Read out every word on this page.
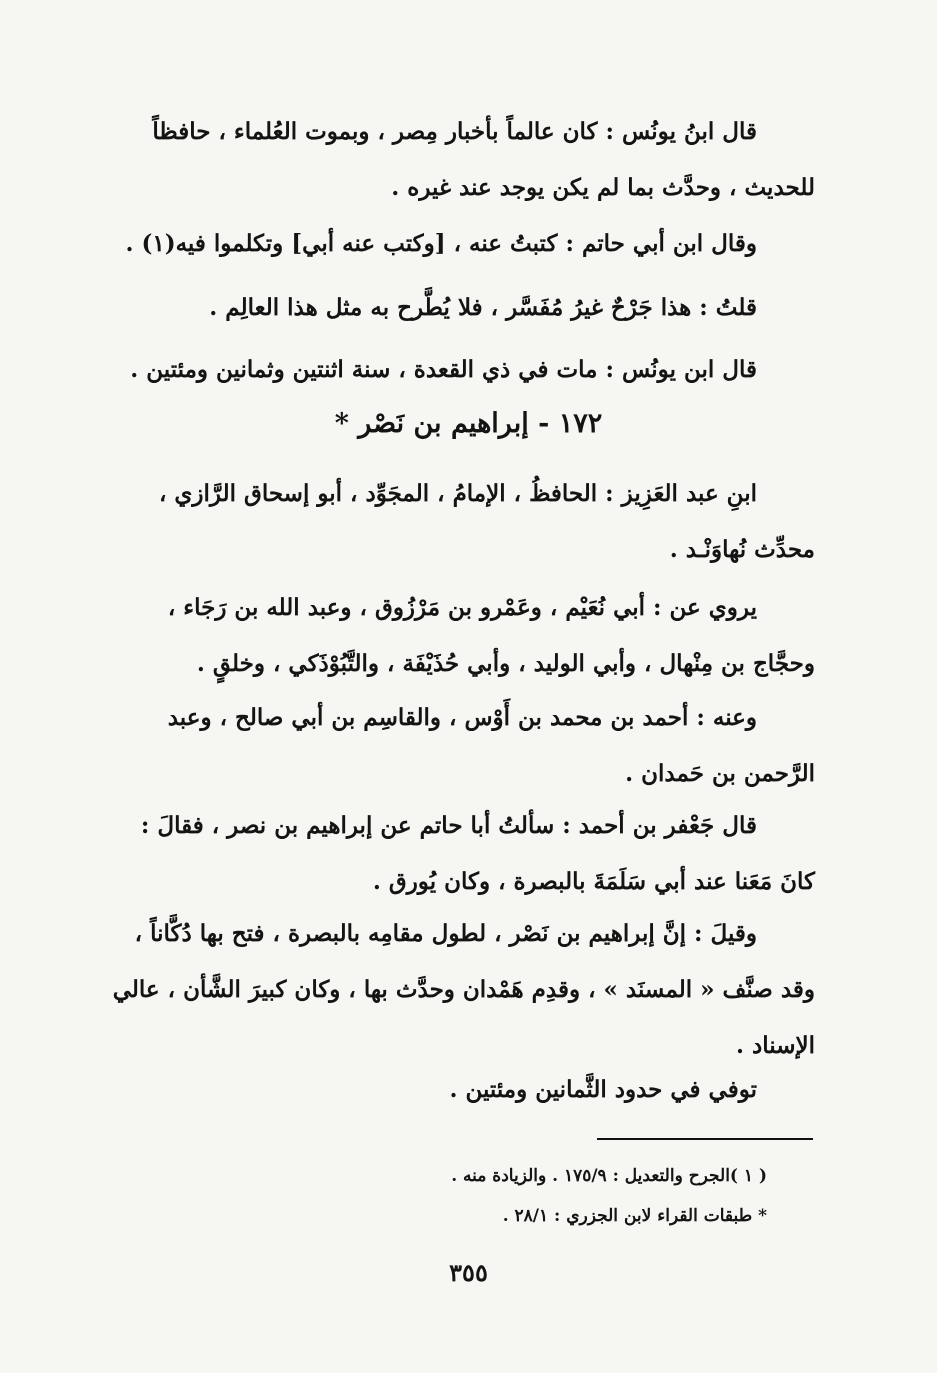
قال ابنُ يونُس : كان عالماً بأخبار مِصر ، وبموت العُلماء ، حافظاً
للحديث ، وحدَّث بما لم يكن يوجد عند غيره .
وقال ابن أبي حاتم : كتبتُ عنه ، [وكتب عنه أبي] وتكلموا فيه(١) .
قلتُ : هذا جَرْحٌ غيرُ مُفَسَّر ، فلا يُطَّرح به مثل هذا العالِم .
قال ابن يونُس : مات في ذي القعدة ، سنة اثنتين وثمانين ومئتين .
١٧٢ - إبراهيم بن نَصْر *
ابنِ عبد العَزِيز : الحافظُ ، الإمامُ ، المجَوِّد ، أبو إسحاق الرَّازي ،
محدِّث نُهاوَنْـد .
يروي عن : أبي نُعَيْم ، وعَمْرو بن مَرْزُوق ، وعبد الله بن رَجَاء ،
وحجَّاج بن مِنْهال ، وأبي الوليد ، وأبي حُذَيْفَة ، والتَّبُوْذَكي ، وخلقٍ .
وعنه : أحمد بن محمد بن أَوْس ، والقاسِم بن أبي صالح ، وعبد
الرَّحمن بن حَمدان .
قال جَعْفر بن أحمد : سألتُ أبا حاتم عن إبراهيم بن نصر ، فقالَ :
كانَ مَعَنا عند أبي سَلَمَةَ بالبصرة ، وكان يُورق .
وقيلَ : إنَّ إبراهيم بن نَصْر ، لطول مقامِه بالبصرة ، فتح بها دُكَّاناً ،
وقد صنَّف « المسنَد » ، وقدِم هَمْدان وحدَّث بها ، وكان كبيرَ الشَّأن ، عالي
الإسناد .
توفي في حدود الثَّمانين ومئتين .
( ١ )الجرح والتعديل : ١٧٥/٩ . والزيادة منه .
* طبقات القراء لابن الجزري : ٢٨/١ .
٣٥٥
